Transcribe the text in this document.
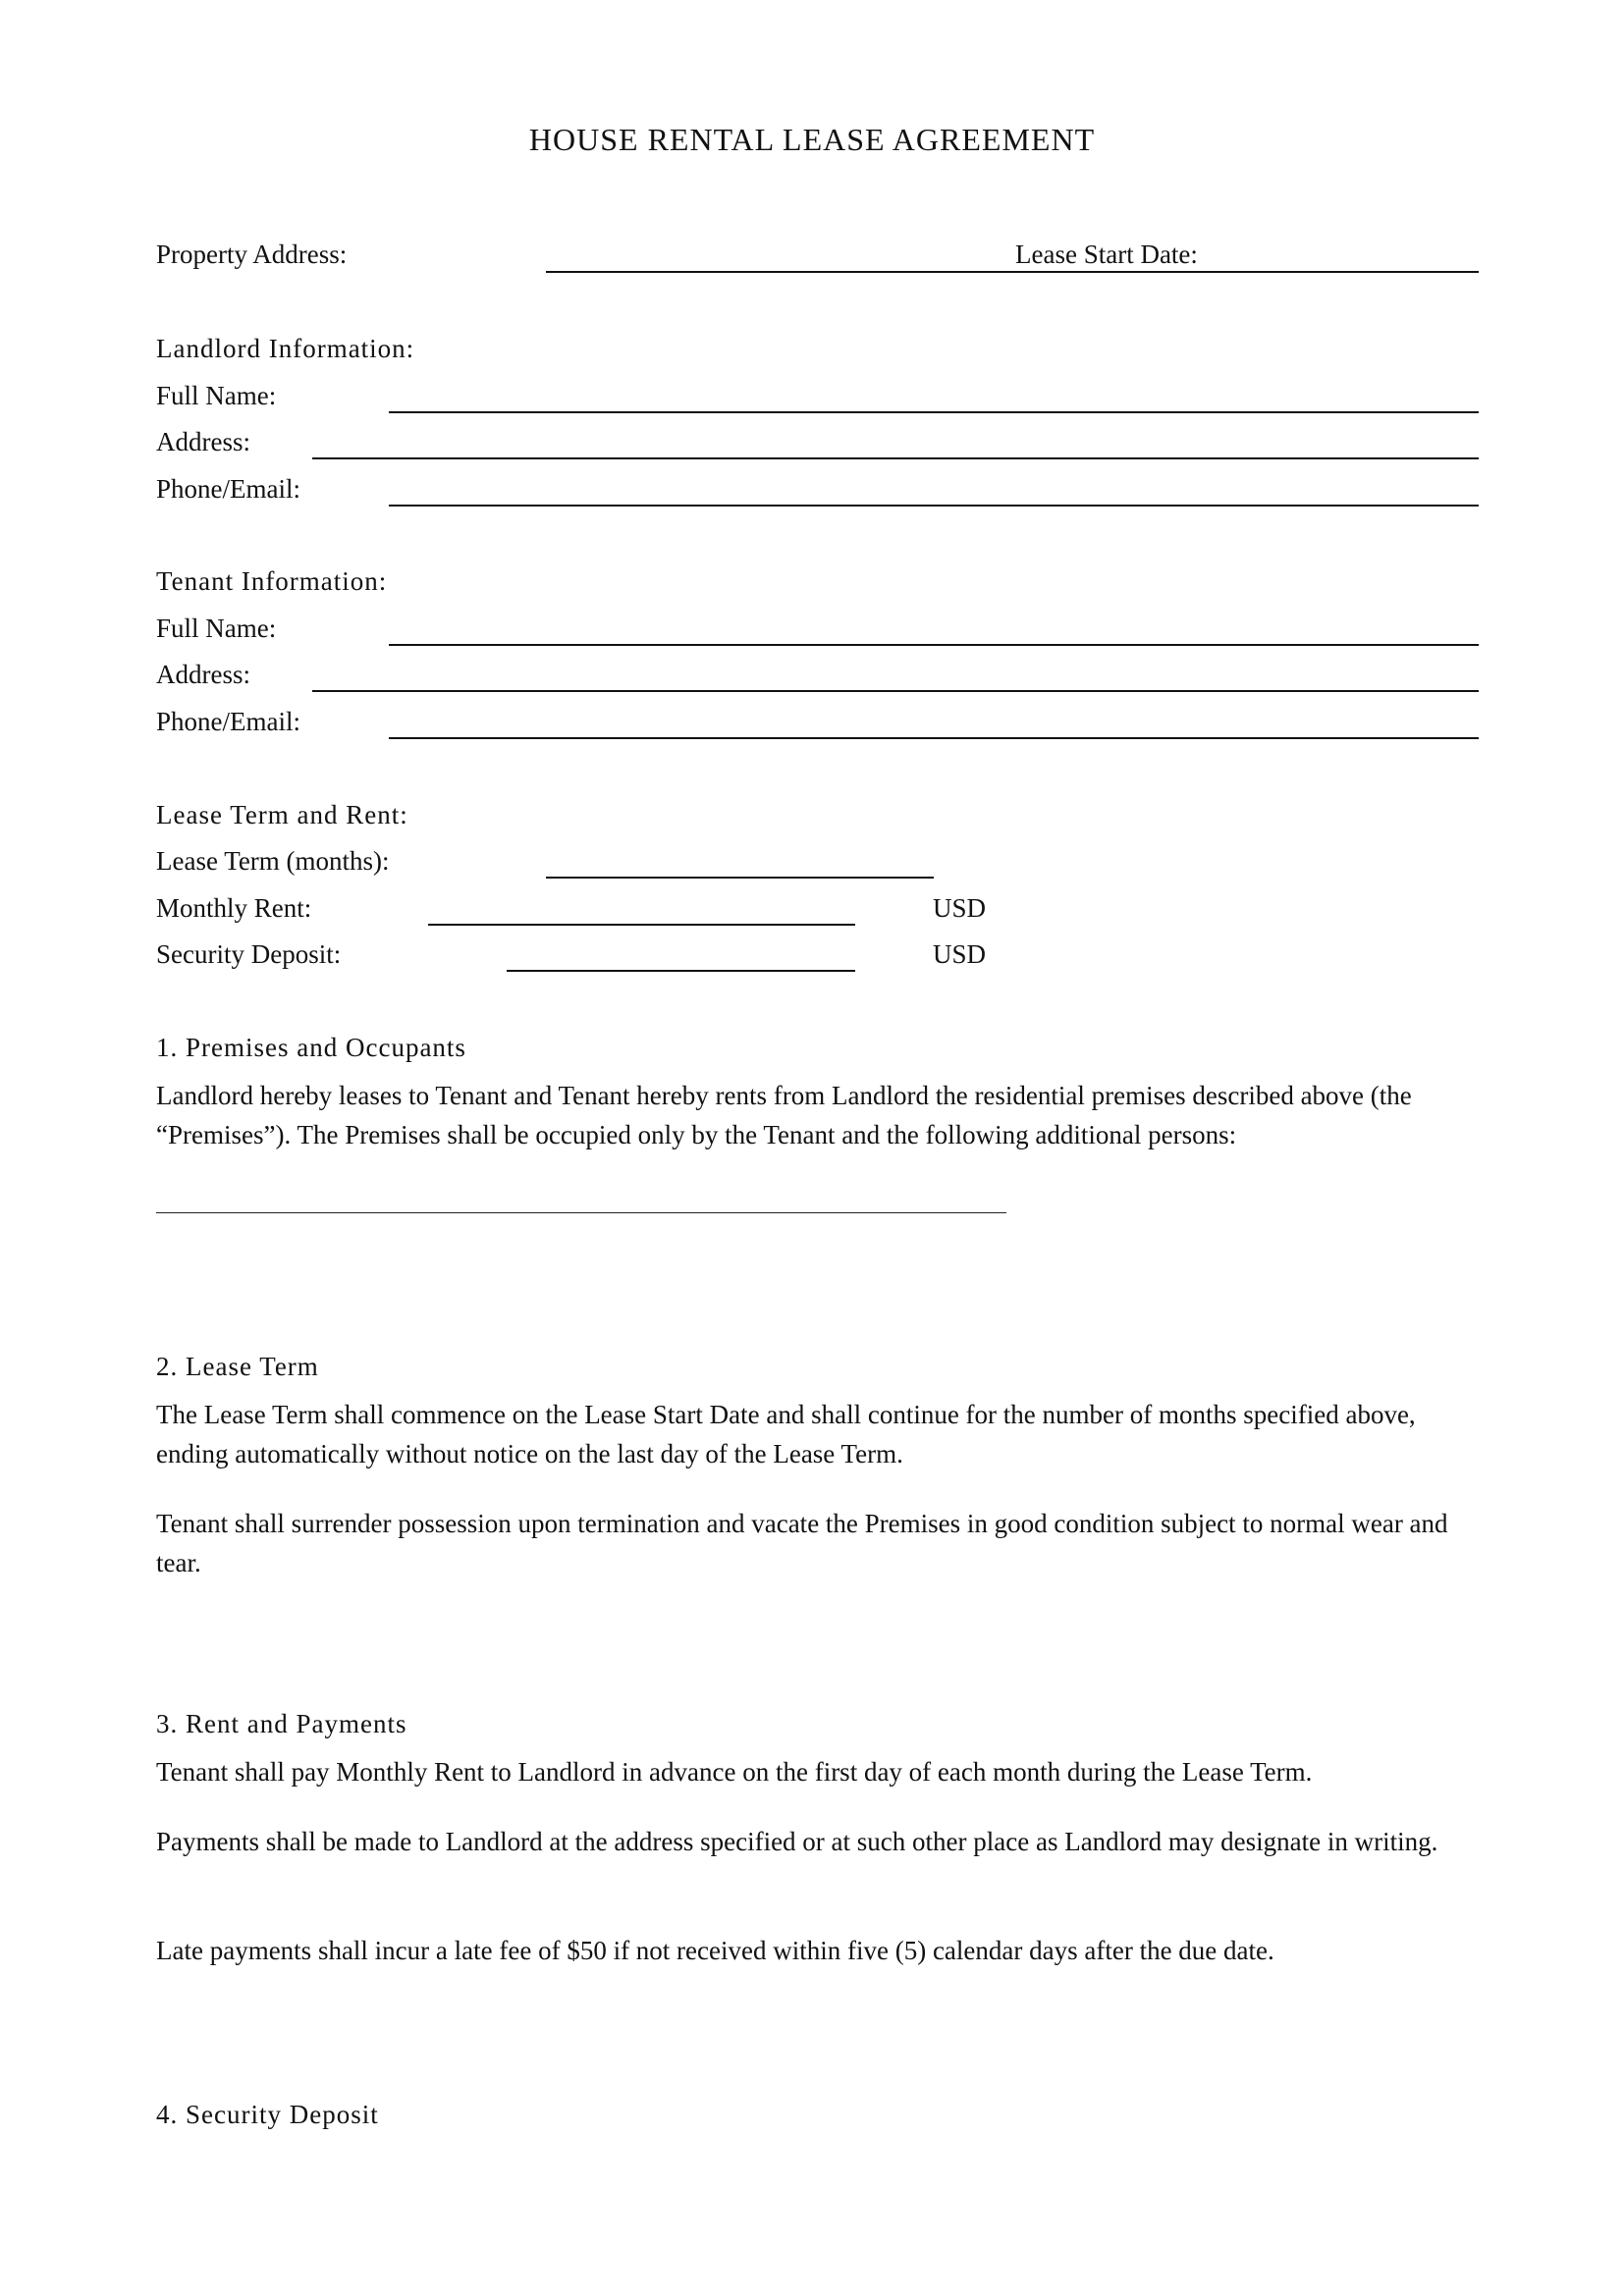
HOUSE RENTAL LEASE AGREEMENT
Property Address:	Lease Start Date:
Landlord Information:
Full Name:
Address:
Phone/Email:
Tenant Information:
Full Name:
Address:
Phone/Email:
Lease Term and Rent:
Lease Term (months):
Monthly Rent:	USD
Security Deposit:	USD
1. Premises and Occupants

Landlord hereby leases to Tenant and Tenant hereby rents from Landlord the residential premises described above (the “Premises”). The Premises shall be occupied only by the Tenant and the following additional persons:

2. Lease Term

The Lease Term shall commence on the Lease Start Date and shall continue for the number of months specified above, ending automatically without notice on the last day of the Lease Term.

Tenant shall surrender possession upon termination and vacate the Premises in good condition subject to normal wear and tear.

3. Rent and Payments

Tenant shall pay Monthly Rent to Landlord in advance on the first day of each month during the Lease Term.

Payments shall be made to Landlord at the address specified or at such other place as Landlord may designate in writing.

Late payments shall incur a late fee of $50 if not received within five (5) calendar days after the due date.

4. Security Deposit
